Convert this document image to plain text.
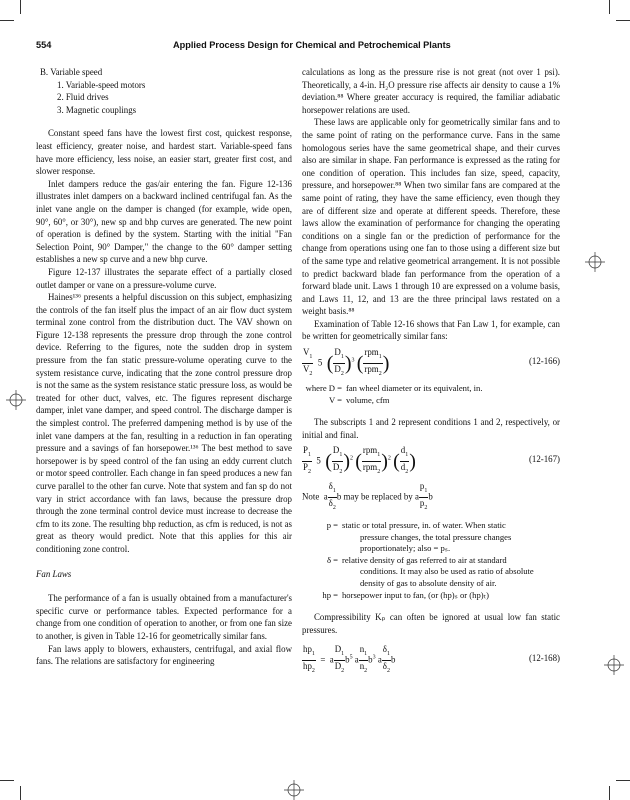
554	Applied Process Design for Chemical and Petrochemical Plants
B. Variable speed
1. Variable-speed motors
2. Fluid drives
3. Magnetic couplings

Constant speed fans have the lowest first cost, quickest response, least efficiency, greater noise, and hardest start. Variable-speed fans have more efficiency, less noise, an easier start, greater first cost, and slower response.

Inlet dampers reduce the gas/air entering the fan. Figure 12-136 illustrates inlet dampers on a backward inclined centrifugal fan. As the inlet vane angle on the damper is changed (for example, wide open, 90°, 60°, or 30°), new sp and bhp curves are generated. The new point of operation is defined by the system. Starting with the initial "Fan Selection Point, 90° Damper," the change to the 60° damper setting establishes a new sp curve and a new bhp curve.

Figure 12-137 illustrates the separate effect of a partially closed outlet damper or vane on a pressure-volume curve.

Haines¹³⁶ presents a helpful discussion on this subject, emphasizing the controls of the fan itself plus the impact of an air flow duct system terminal zone control from the distribution duct. The VAV shown on Figure 12-138 represents the pressure drop through the zone control device. Referring to the figures, note the sudden drop in system pressure from the fan static pressure-volume operating curve to the system resistance curve, indicating that the zone control pressure drop is not the same as the system resistance static pressure loss, as would be treated for other duct, valves, etc. The figures represent discharge damper, inlet vane damper, and speed control. The discharge damper is the simplest control. The preferred dampening method is by use of the inlet vane dampers at the fan, resulting in a reduction in fan operating pressure and a savings of fan horsepower.¹³⁶ The best method to save horsepower is by speed control of the fan using an eddy current clutch or motor speed controller. Each change in fan speed produces a new fan curve parallel to the other fan curve. Note that system and fan sp do not vary in strict accordance with fan laws, because the pressure drop through the zone terminal control device must increase to decrease the cfm to its zone. The resulting bhp reduction, as cfm is reduced, is not as great as theory would predict. Note that this applies for this air conditioning zone control.

Fan Laws

The performance of a fan is usually obtained from a manufacturer's specific curve or performance tables. Expected performance for a change from one condition of operation to another, or from one fan size to another, is given in Table 12-16 for geometrically similar fans.

Fan laws apply to blowers, exhausters, centrifugal, and axial flow fans. The relations are satisfactory for engineering

calculations as long as the pressure rise is not great (not over 1 psi). Theoretically, a 4-in. H₂O pressure rise affects air density to cause a 1% deviation.⁸⁸ Where greater accuracy is required, the familiar adiabatic horsepower relations are used.

These laws are applicable only for geometrically similar fans and to the same point of rating on the performance curve. Fans in the same homologous series have the same geometrical shape, and their curves also are similar in shape. Fan performance is expressed as the rating for one condition of operation. This includes fan size, speed, capacity, pressure, and horsepower.⁸⁸ When two similar fans are compared at the same point of rating, they have the same efficiency, even though they are of different size and operate at different speeds. Therefore, these laws allow the examination of performance for changing the operating conditions on a single fan or the prediction of performance for the change from operations using one fan to those using a different size but of the same type and relative geometrical arrangement. It is not possible to predict backward blade fan performance from the operation of a forward blade unit. Laws 1 through 10 are expressed on a volume basis, and Laws 11, 12, and 13 are the three principal laws restated on a weight basis.⁸⁸

Examination of Table 12-16 shows that Fan Law 1, for example, can be written for geometrically similar fans:

$\frac{V_1}{V_2} 5$  ( $\frac{D_1}{D_2} )^3$ ( $\frac{rpm_1}{rpm_2}$ )	(12-166)
where D = fan wheel diameter or its equivalent, in.
V = volume, cfm

The subscripts 1 and 2 represent conditions 1 and 2, respectively, or initial and final.

$\frac{P_1}{P_2} 5$  ( $\frac{D_1}{D_2} )^2$ ( $\frac{rpm_1}{rpm_2} )^2$ ( $\frac{d_1}{d_2}$ )	(12-167)
Note  a $\frac{\delta_1}{\delta_2}$ b may be replaced by a $\frac{p_1}{p_2}$ b
p = static or total pressure, in. of water. When static
pressure changes, the total pressure changes
proportionately; also = pₛ.
δ = relative density of gas referred to air at standard
conditions. It may also be used as ratio of absolute
density of gas to absolute density of air.
hp = horsepower input to fan, (or (hp)ₛ or (hp)ₜ)

Compressibility Kₚ can often be ignored at usual low fan static pressures.

$\frac{hp_1}{hp_2} = a \frac{D_1}{D_2} b^5$ a $\frac{n_1}{n_2} b^3$ a $\frac{\delta_1}{\delta_2}$ b	(12-168)
